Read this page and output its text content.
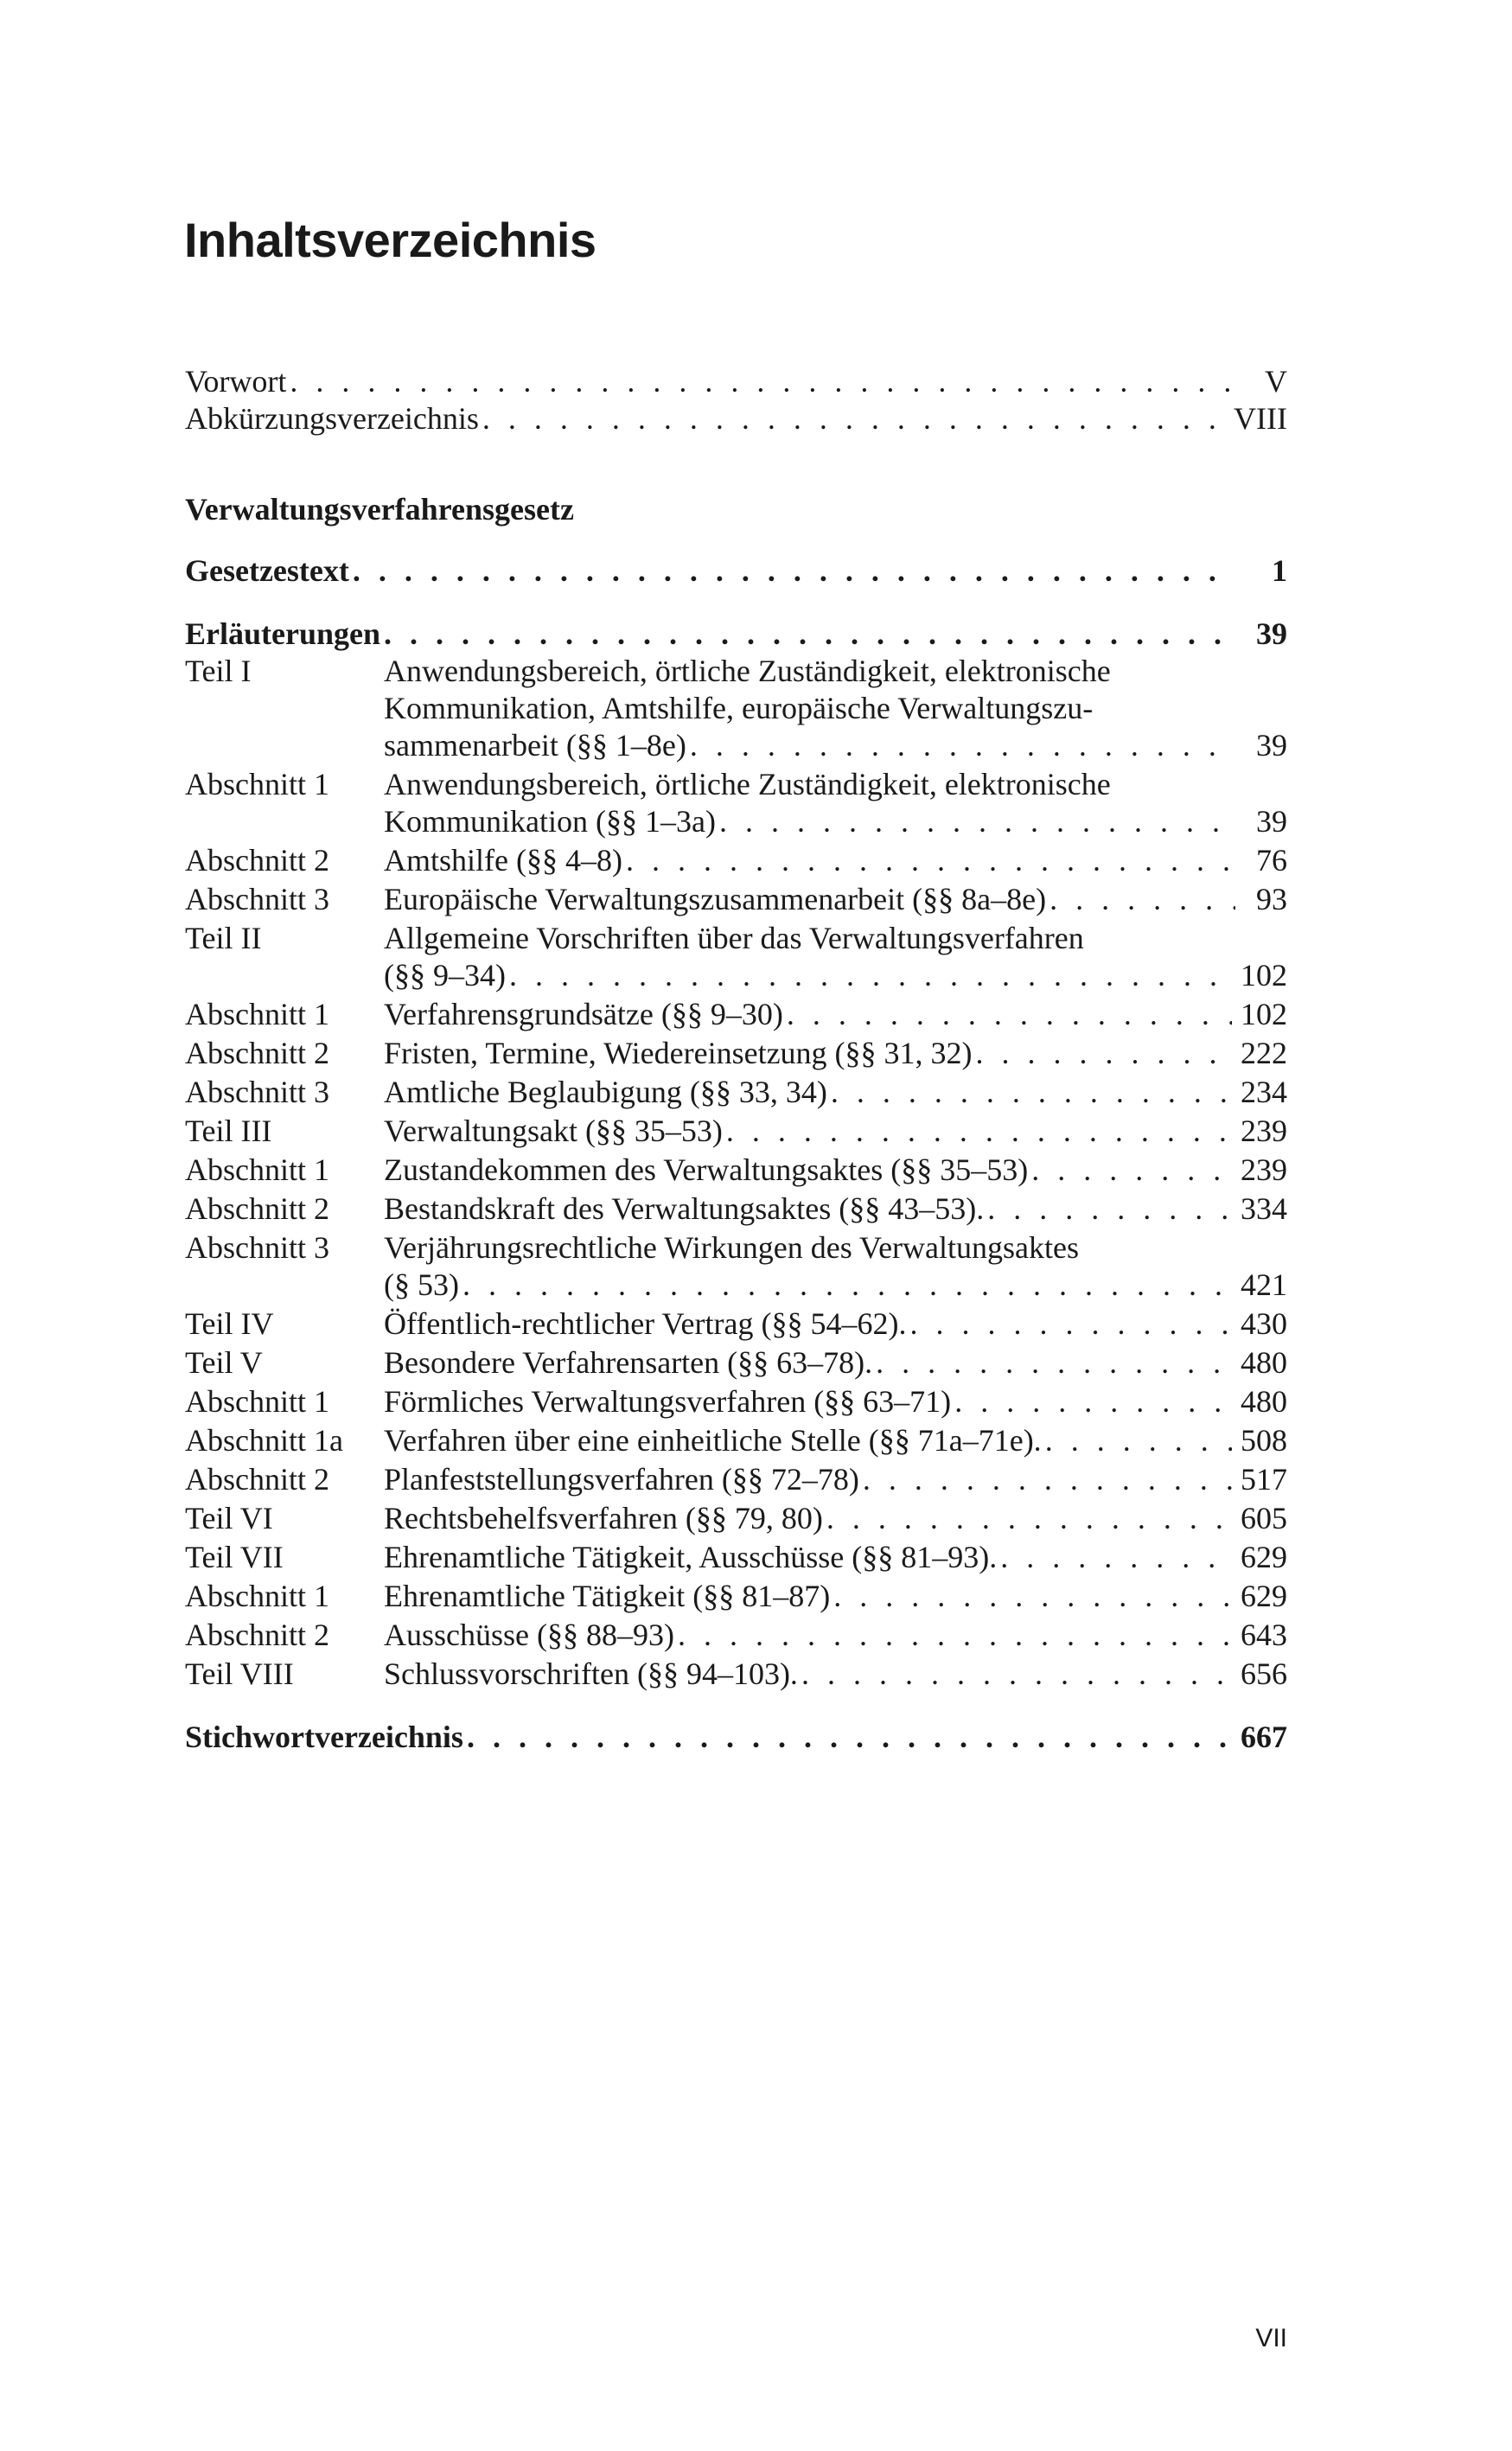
Inhaltsverzeichnis
Vorwort . . .	V
Abkürzungsverzeichnis . . .	VIII
Verwaltungsverfahrensgesetz
Gesetzestext . . .	1
Erläuterungen . . .	39
Teil I	Anwendungsbereich, örtliche Zuständigkeit, elektronische
Kommunikation, Amtshilfe, europäische Verwaltungszu-
sammenarbeit (§§ 1–8e) . . .	39
Abschnitt 1	Anwendungsbereich, örtliche Zuständigkeit, elektronische
Kommunikation (§§ 1–3a) . . .	39
Abschnitt 2	Amtshilfe (§§ 4–8) . . .	76
Abschnitt 3	Europäische Verwaltungszusammenarbeit (§§ 8a–8e) . . .	93
Teil II	Allgemeine Vorschriften über das Verwaltungsverfahren
(§§ 9–34) . . .	102
Abschnitt 1	Verfahrensgrundsätze (§§ 9–30) . . .	102
Abschnitt 2	Fristen, Termine, Wiedereinsetzung (§§ 31, 32) . . .	222
Abschnitt 3	Amtliche Beglaubigung (§§ 33, 34) . . .	234
Teil III	Verwaltungsakt (§§ 35–53) . . .	239
Abschnitt 1	Zustandekommen des Verwaltungsaktes (§§ 35–53) . . .	239
Abschnitt 2	Bestandskraft des Verwaltungsaktes (§§ 43–53). . . .	334
Abschnitt 3	Verjährungsrechtliche Wirkungen des Verwaltungsaktes
(§ 53) . . .	421
Teil IV	Öffentlich-rechtlicher Vertrag (§§ 54–62). . . .	430
Teil V	Besondere Verfahrensarten (§§ 63–78). . . .	480
Abschnitt 1	Förmliches Verwaltungsverfahren (§§ 63–71) . . .	480
Abschnitt 1a	Verfahren über eine einheitliche Stelle (§§ 71a–71e). . . .	508
Abschnitt 2	Planfeststellungsverfahren (§§ 72–78) . . .	517
Teil VI	Rechtsbehelfsverfahren (§§ 79, 80) . . .	605
Teil VII	Ehrenamtliche Tätigkeit, Ausschüsse (§§ 81–93). . . .	629
Abschnitt 1	Ehrenamtliche Tätigkeit (§§ 81–87) . . .	629
Abschnitt 2	Ausschüsse (§§ 88–93) . . .	643
Teil VIII	Schlussvorschriften (§§ 94–103). . . .	656
Stichwortverzeichnis . . .	667
VII
